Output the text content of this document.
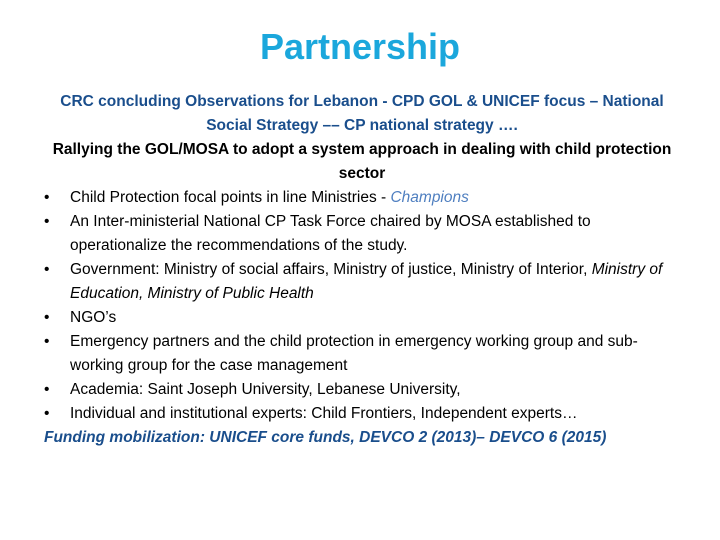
Partnership
CRC concluding Observations for Lebanon - CPD GOL & UNICEF focus – National Social Strategy –– CP national strategy ….
Rallying the GOL/MOSA to adopt a system approach in dealing with child protection sector
• Child Protection focal points in line Ministries - Champions
• An Inter-ministerial National CP Task Force chaired by MOSA established to operationalize the recommendations of the study.
• Government: Ministry of social affairs, Ministry of justice, Ministry of Interior, Ministry of Education, Ministry of Public Health
• NGO’s
• Emergency partners and the child protection in emergency working group and sub-working group for the case management
• Academia: Saint Joseph University, Lebanese University,
• Individual and institutional experts: Child Frontiers, Independent experts…
Funding mobilization: UNICEF core funds, DEVCO 2 (2013)– DEVCO 6 (2015)
